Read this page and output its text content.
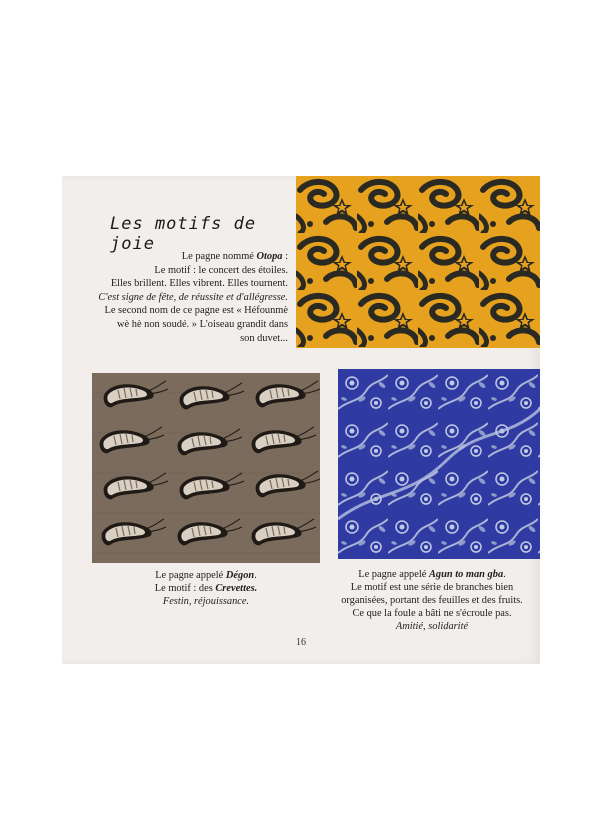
Les motifs de joie
Le pagne nommé Otopa :
Le motif : le concert des étoiles.
Elles brillent. Elles vibrent. Elles tournent.
C'est signe de fête, de réussite et d'allégresse.
Le second nom de ce pagne est « Héfounmè
wè hè non soudé. » L'oiseau grandit dans
son duvet...
Le pagne appelé Dégon.
Le motif : des Crevettes.
Festin, réjouissance.
Le pagne appelé Agun to man gba.
Le motif est une série de branches bien
organisées, portant des feuilles et des fruits.
Ce que la foule a bâti ne s'écroule pas.
Amitié, solidarité
16
